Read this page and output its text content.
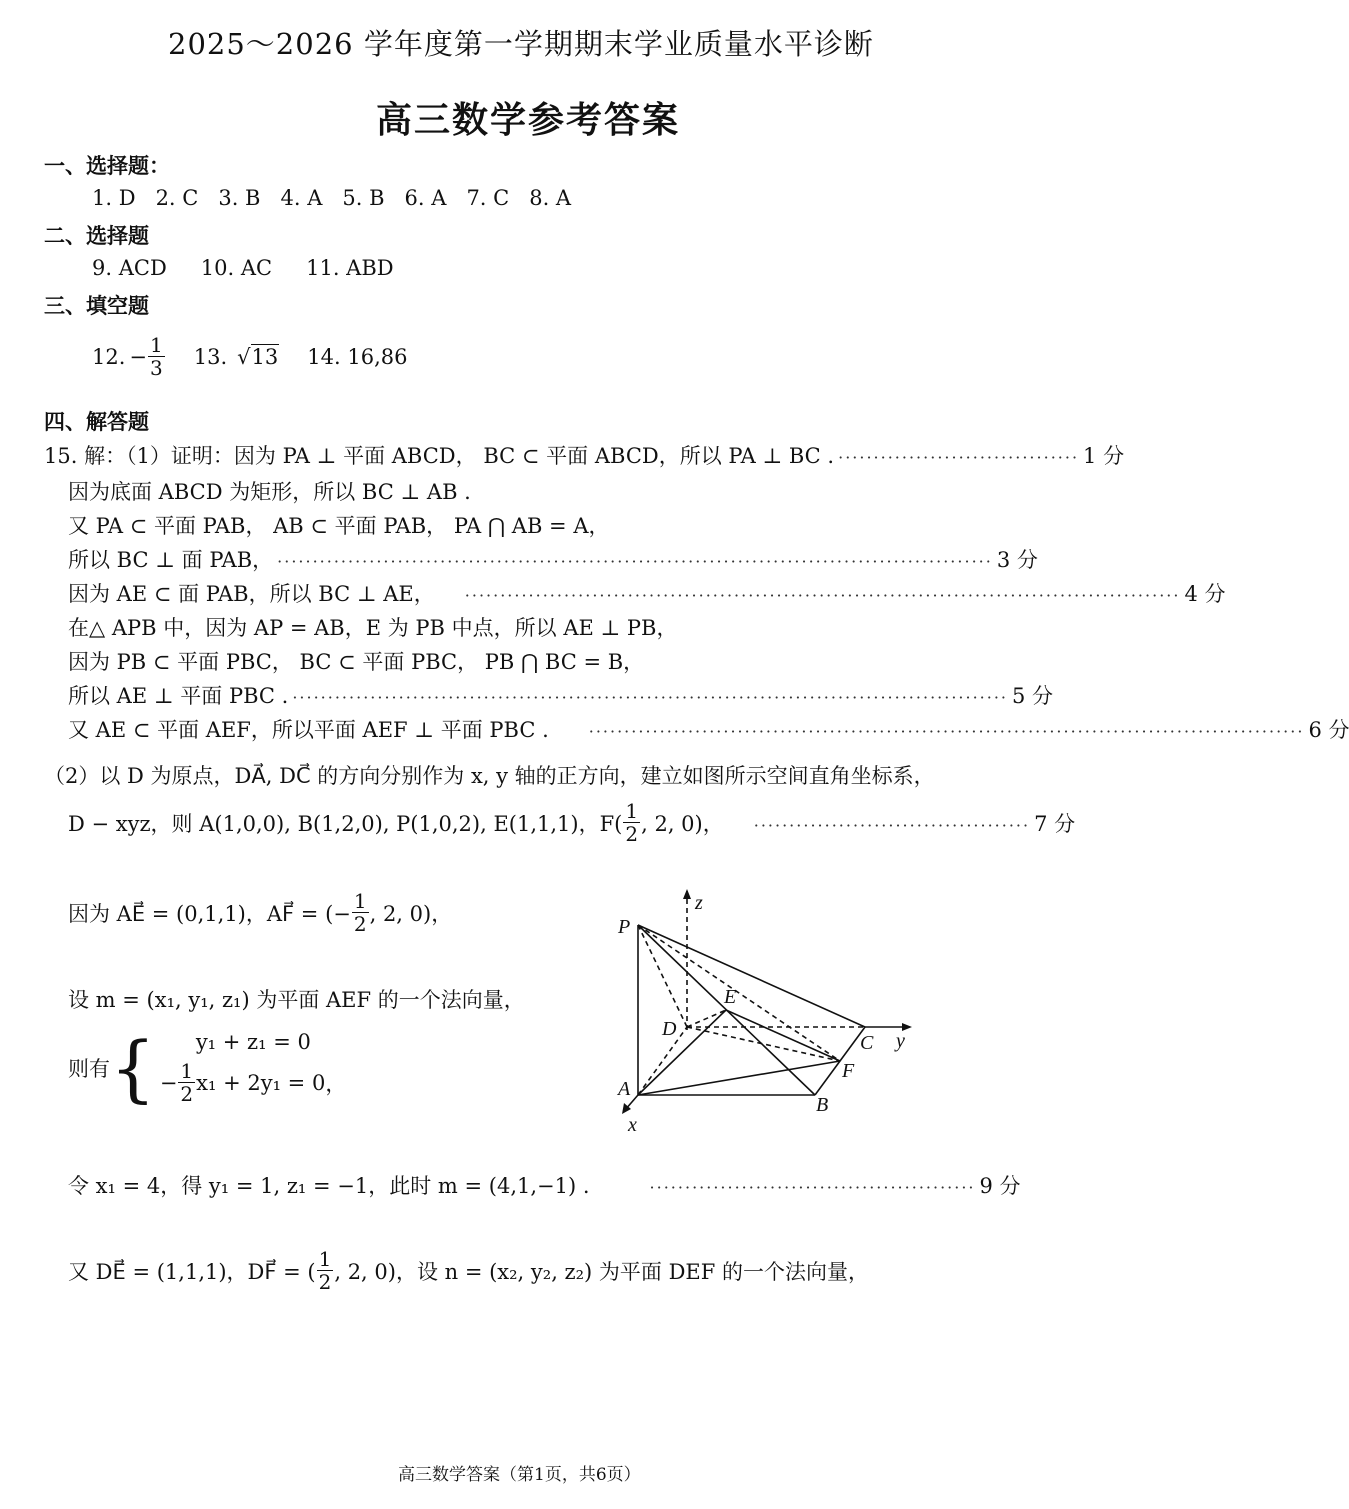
2025～2026 学年度第一学期期末学业质量水平诊断
高三数学参考答案
一、选择题：
1. D 2. C 3. B 4. A 5. B 6. A 7. C 8. A
二、选择题
9. ACD 10. AC 11. ABD
三、填空题
12. − $\frac{1}{3} 13$. √ 13 14. 16,86
四、解答题
15. 解：（1）证明：因为 PA ⊥ 平面 ABCD， BC ⊂ 平面 ABCD，所以 PA ⊥ BC . ·································· 1 分
因为底面 ABCD 为矩形，所以 BC ⊥ AB .
又 PA ⊂ 平面 PAB， AB ⊂ 平面 PAB， PA ⋂ AB = A，
所以 BC ⊥ 面 PAB， ····································································································· 3 分
因为 AE ⊂ 面 PAB，所以 BC ⊥ AE， ····································································································· 4 分
在△ APB 中，因为 AP = AB，E 为 PB 中点，所以 AE ⊥ PB，
因为 PB ⊂ 平面 PBC， BC ⊂ 平面 PBC， PB ⋂ BC = B，
所以 AE ⊥ 平面 PBC . ····································································································· 5 分
又 AE ⊂ 平面 AEF，所以平面 AEF ⊥ 平面 PBC .	····································································································· 6 分
（2）以 D 为原点，DA⃗, DC⃗ 的方向分别作为 x, y 轴的正方向，建立如图所示空间直角坐标系，
D − xyz，则 A(1,0,0), B(1,2,0), P(1,0,2), E(1,1,1)，$F( \frac{1}{2}$ , 2, 0)， ······································· 7 分
因为 AE⃗ = (0,1,1)，AF⃗ = (− $\frac{1}{2}$ , 2, 0)，
设 m = (x₁, y₁, z₁) 为平面 AEF 的一个法向量，
则有 { y₁ + z₁ = 0
− $\frac{1}{2} x_1 + 2y_1 = 0$ ，
令 x₁ = 4，得 y₁ = 1, z₁ = −1，此时 m = (4,1,−1) .	·············································· 9 分
又 DE⃗ = (1,1,1)，DF⃗ = ( $\frac{1}{2}$ , 2, 0)，设 n = (x₂, y₂, z₂) 为平面 DEF 的一个法向量，
P
z
E
D
C y
F
A
B
x
高三数学答案（第1页，共6页）
